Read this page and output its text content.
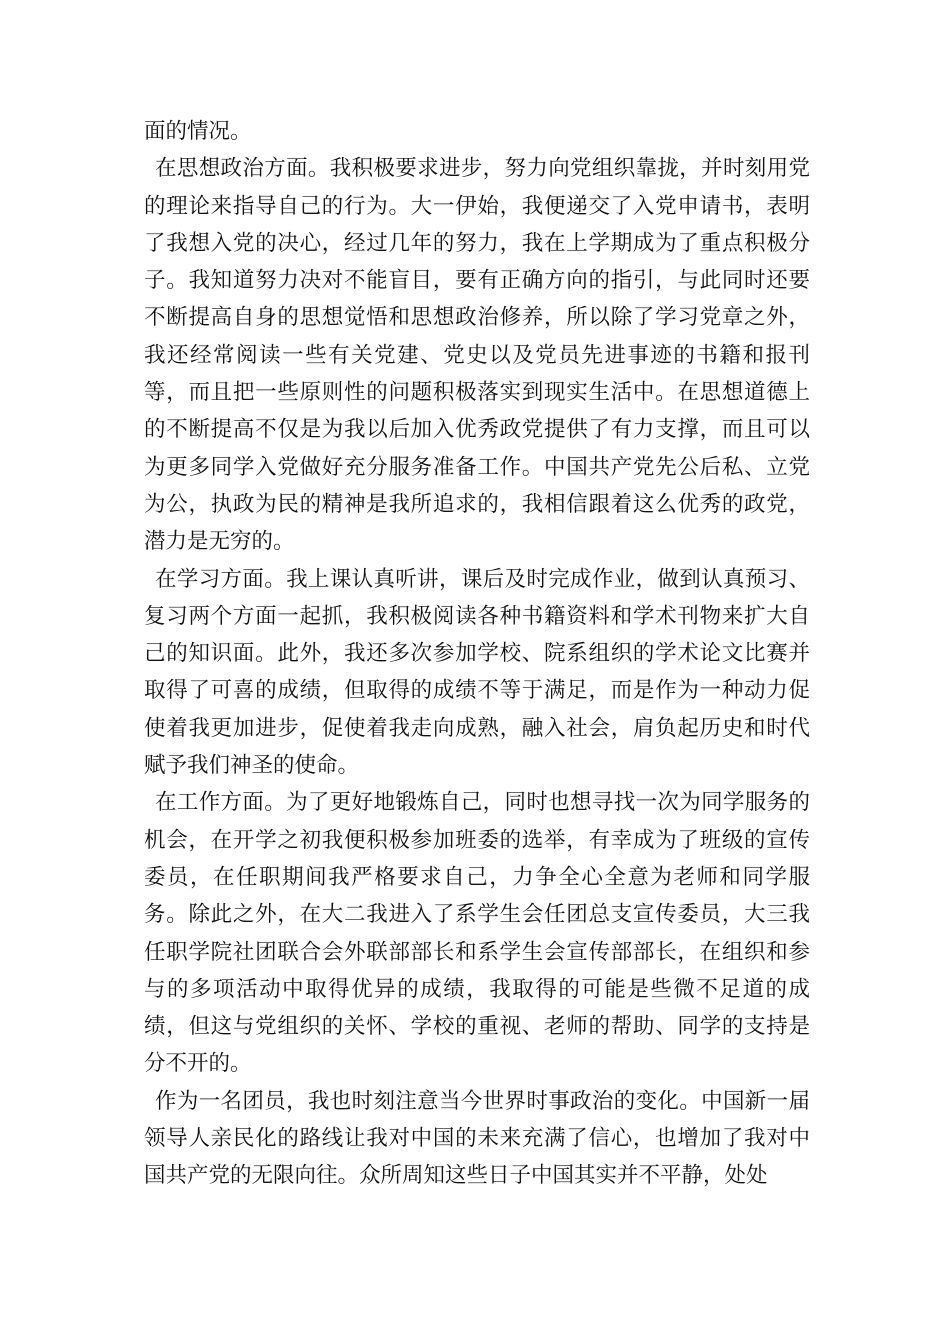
面的情况。

在思想政治方面。我积极要求进步，努力向党组织靠拢，并时刻用党的理论来指导自己的行为。大一伊始，我便递交了入党申请书，表明了我想入党的决心，经过几年的努力，我在上学期成为了重点积极分子。我知道努力决对不能盲目，要有正确方向的指引，与此同时还要不断提高自身的思想觉悟和思想政治修养，所以除了学习党章之外，我还经常阅读一些有关党建、党史以及党员先进事迹的书籍和报刊等，而且把一些原则性的问题积极落实到现实生活中。在思想道德上的不断提高不仅是为我以后加入优秀政党提供了有力支撑，而且可以为更多同学入党做好充分服务准备工作。中国共产党先公后私、立党为公，执政为民的精神是我所追求的，我相信跟着这么优秀的政党，潜力是无穷的。

在学习方面。我上课认真听讲，课后及时完成作业，做到认真预习、复习两个方面一起抓，我积极阅读各种书籍资料和学术刊物来扩大自己的知识面。此外，我还多次参加学校、院系组织的学术论文比赛并取得了可喜的成绩，但取得的成绩不等于满足，而是作为一种动力促使着我更加进步，促使着我走向成熟，融入社会，肩负起历史和时代赋予我们神圣的使命。

在工作方面。为了更好地锻炼自己，同时也想寻找一次为同学服务的机会，在开学之初我便积极参加班委的选举，有幸成为了班级的宣传委员，在任职期间我严格要求自己，力争全心全意为老师和同学服务。除此之外，在大二我进入了系学生会任团总支宣传委员，大三我任职学院社团联合会外联部部长和系学生会宣传部部长，在组织和参与的多项活动中取得优异的成绩，我取得的可能是些微不足道的成绩，但这与党组织的关怀、学校的重视、老师的帮助、同学的支持是分不开的。

作为一名团员，我也时刻注意当今世界时事政治的变化。中国新一届领导人亲民化的路线让我对中国的未来充满了信心，也增加了我对中国共产党的无限向往。众所周知这些日子中国其实并不平静，处处
